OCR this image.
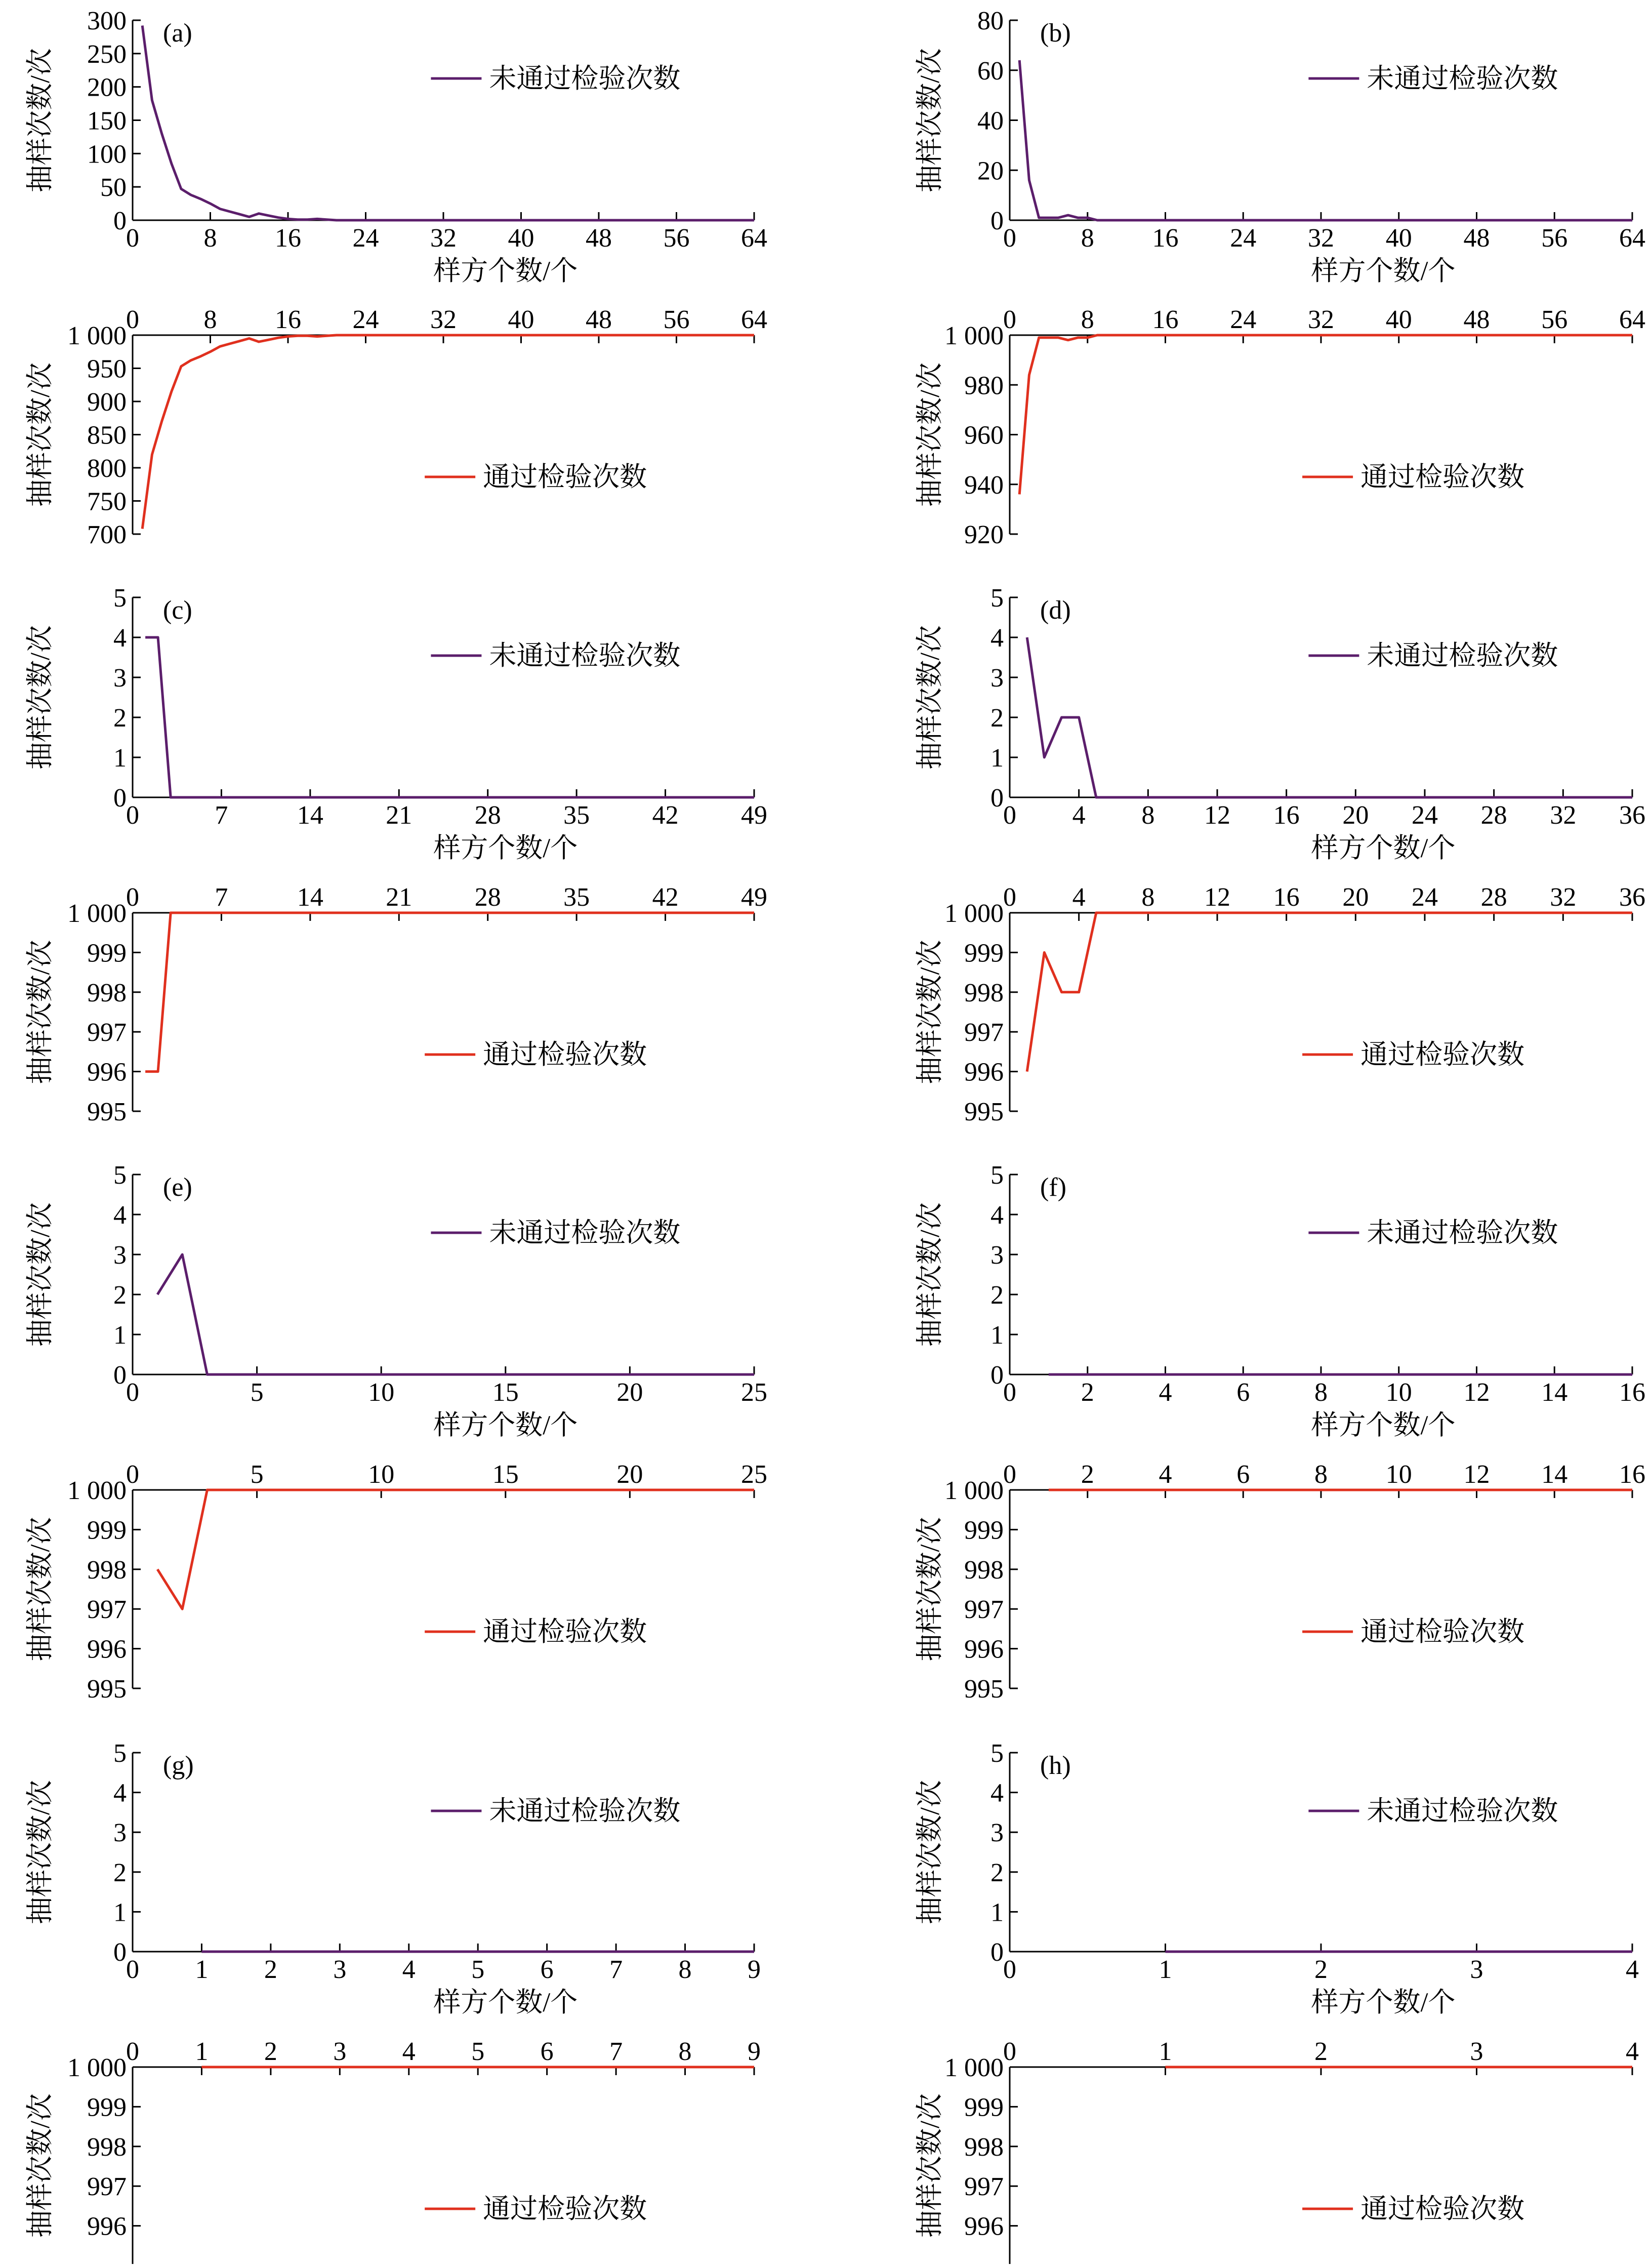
0
50
100
150
200
250
300
0 8 16 24 32 40 48 56 64
样方个数/个
抽样次数/次
(a)
未通过检验次数
700
750
800
850
900
950
1 000
0 8 16 24 32 40 48 56 64
抽样次数/次	通过检验次数
0
20
40
60
80
0 8 16 24 32 40 48 56 64
样方个数/个
抽样次数/次
(b)
未通过检验次数
920
940
960
980
1 000
0 8 16 24 32 40 48 56 64
抽样次数/次	通过检验次数
0
1
2
3
4
5
0	7	14 21 28 35 42 49
样方个数/个
抽样次数/次
(c)
未通过检验次数
995
996
997
998
999
1 000
0	7	14 21 28 35 42 49
抽样次数/次	通过检验次数
0
1
2
3
4
5
0 4 8 12 16 20 24 28 32 36
样方个数/个
抽样次数/次
(d)
未通过检验次数
995
996
997
998
999
1 000
0 4 8 12 16 20 24 28 32 36
抽样次数/次	通过检验次数
0
1
2
3
4
5
0	5	10	15	20	25
样方个数/个
抽样次数/次
(e)
未通过检验次数
995
996
997
998
999
1 000
0	5	10	15	20	25
抽样次数/次	通过检验次数
0
1
2
3
4
5
0 2 4 6 8 10 12 14 16
样方个数/个
抽样次数/次
(f)
未通过检验次数
995
996
997
998
999
1 000
0 2 4 6 8 10 12 14 16
抽样次数/次	通过检验次数
0
1
2
3
4
5
0 1 2 3 4 5 6 7 8 9
样方个数/个
抽样次数/次
(g)
未通过检验次数
996
997
998
999
1 000
0 1 2 3 4 5 6 7 8 9
抽样次数/次	通过检验次数
0
1
2
3
4
5
0	1	2	3	4
样方个数/个
抽样次数/次
(h)
未通过检验次数
996
997
998
999
1 000
0	1	2	3	4
抽样次数/次	通过检验次数
